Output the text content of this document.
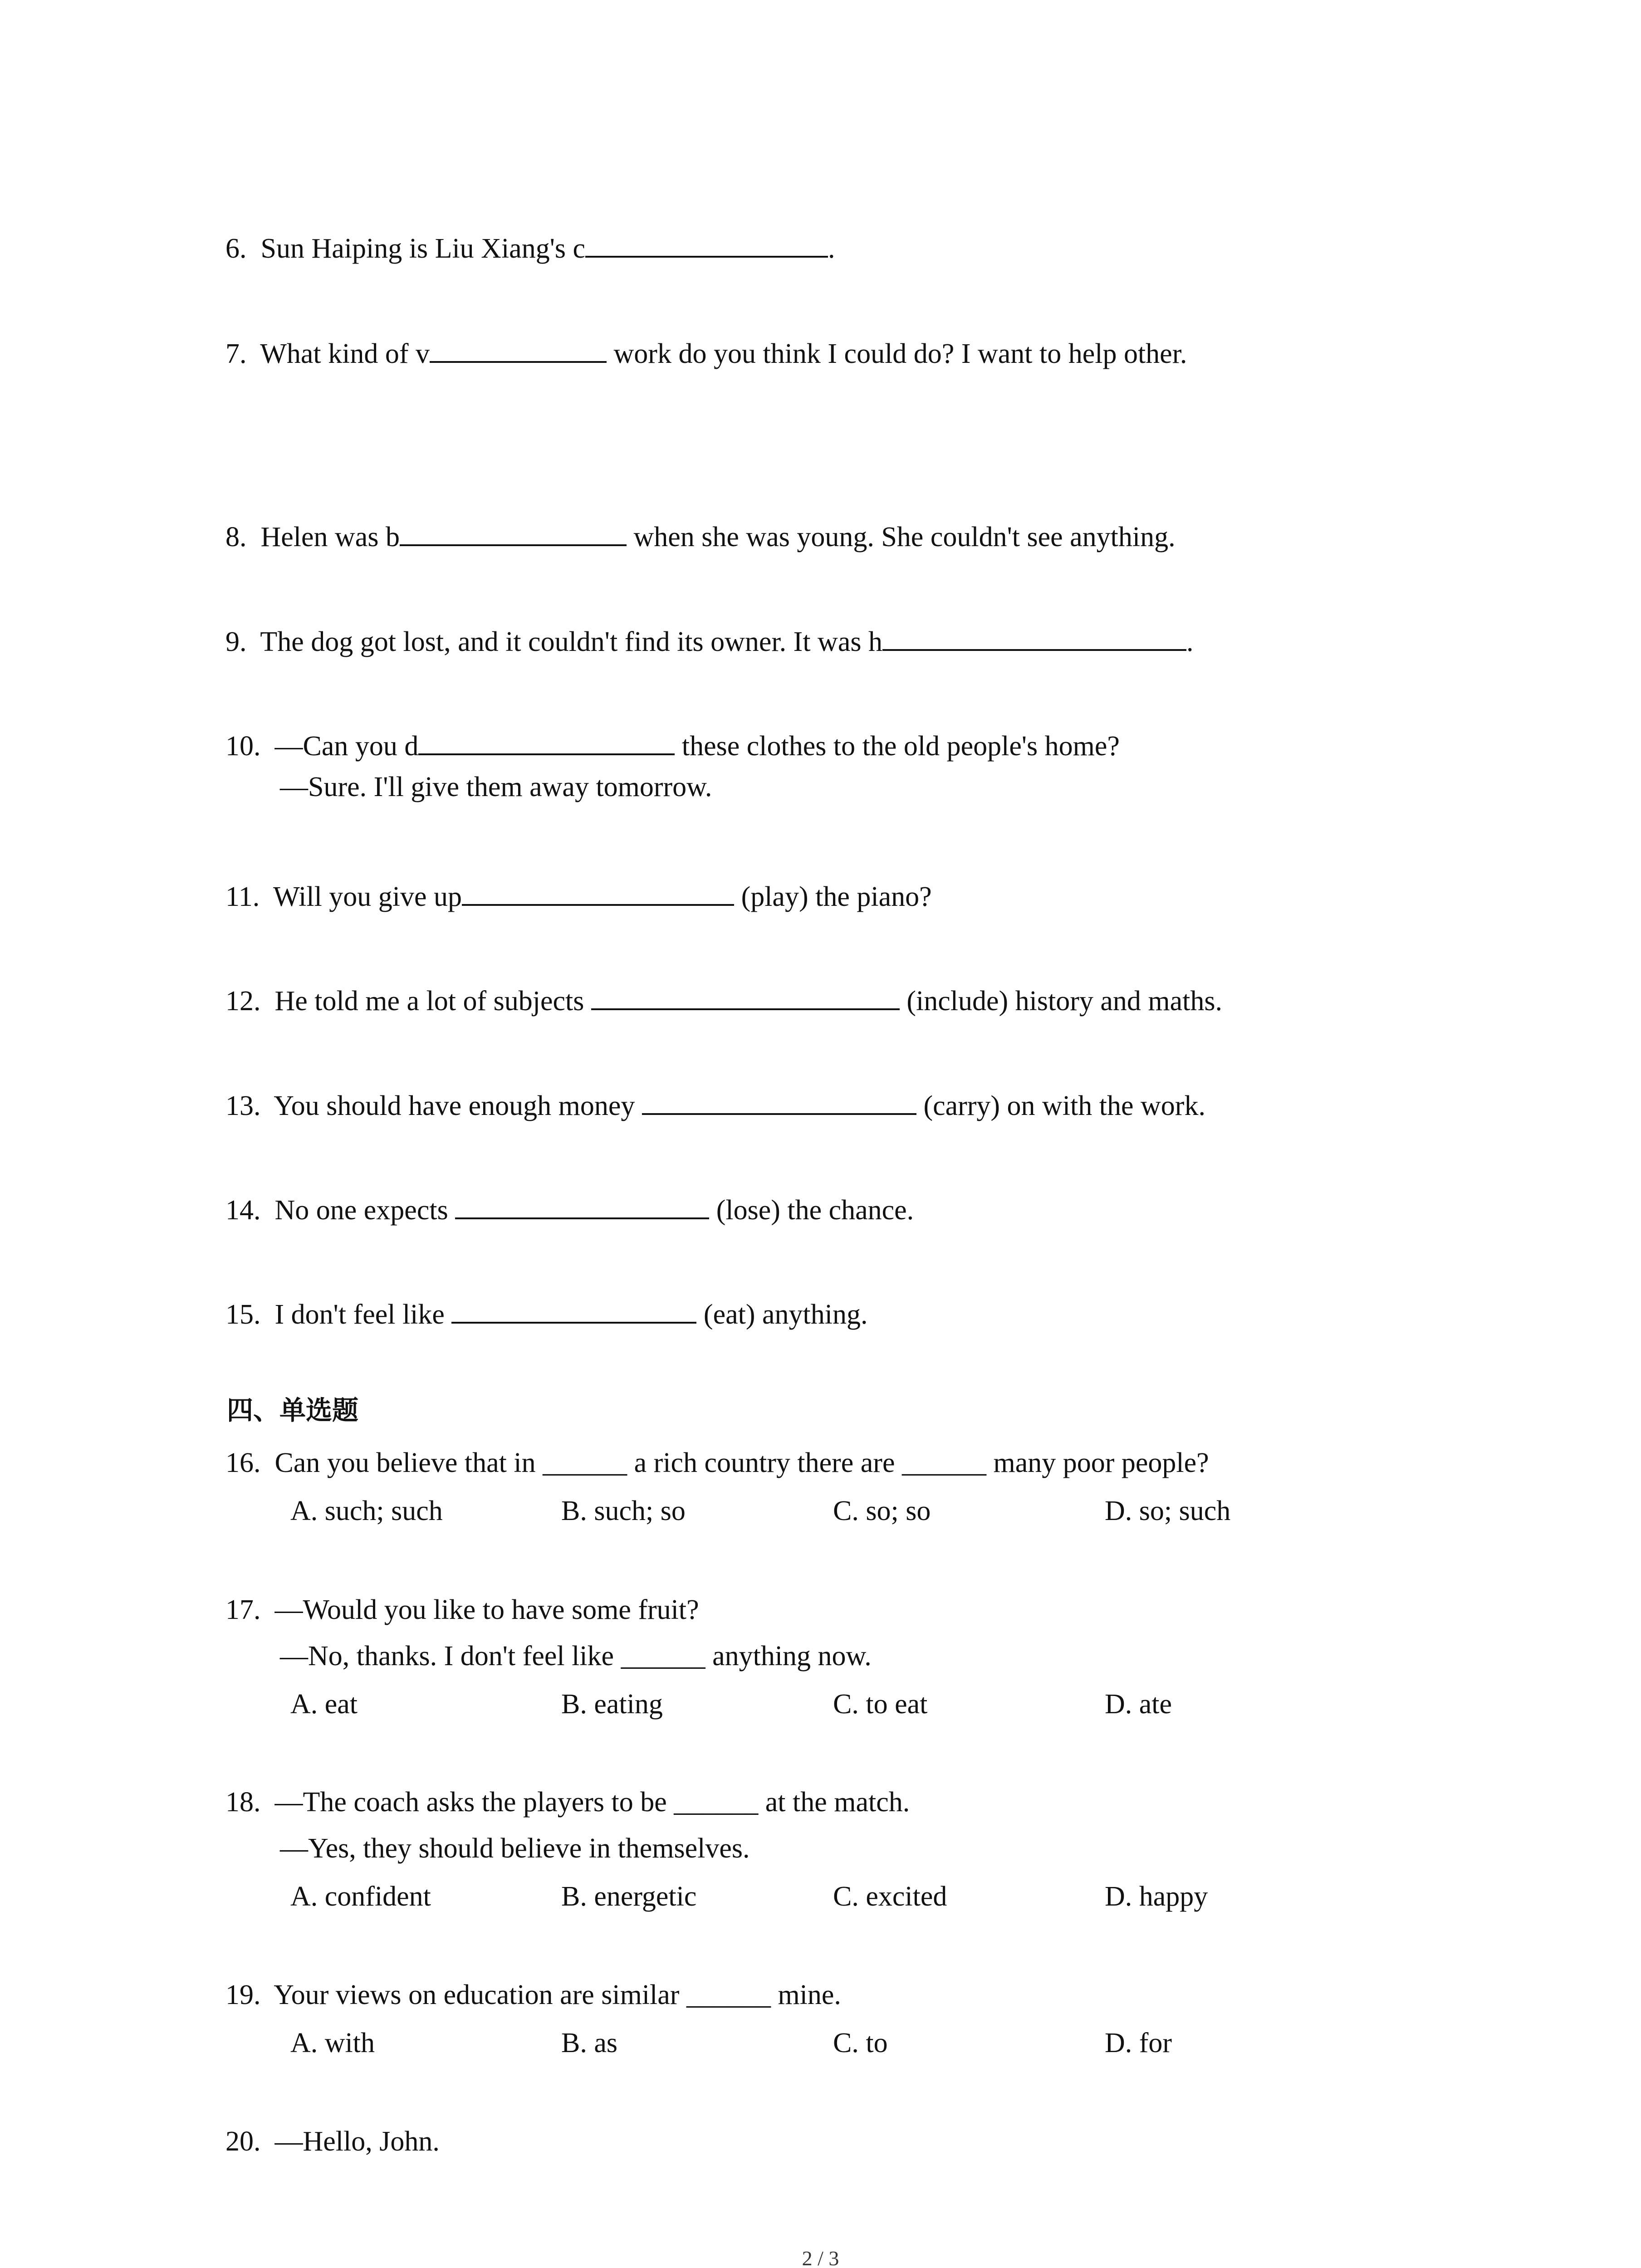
6. Sun Haiping is Liu Xiang's c	.
7. What kind of v	work do you think I could do? I want to help other.
8. Helen was b	when she was young. She couldn't see anything.
9. The dog got lost, and it couldn't find its owner. It was h	.
10. —Can you d	these clothes to the old people's home?
—Sure. I'll give them away tomorrow.
11. Will you give up	(play) the piano?
12. He told me a lot of subjects	(include) history and maths.
13. You should have enough money	(carry) on with the work.
14. No one expects	(lose) the chance.
15. I don't feel like	(eat) anything.
四、单选题
16. Can you believe that in ______ a rich country there are ______ many poor people?
A. such; such	B. such; so	C. so; so	D. so; such
17. —Would you like to have some fruit?
—No, thanks. I don't feel like ______ anything now.
A. eat	B. eating	C. to eat	D. ate
18. —The coach asks the players to be ______ at the match.
—Yes, they should believe in themselves.
A. confident	B. energetic	C. excited	D. happy
19. Your views on education are similar ______ mine.
A. with	B. as	C. to	D. for
20. —Hello, John.
2 / 3
